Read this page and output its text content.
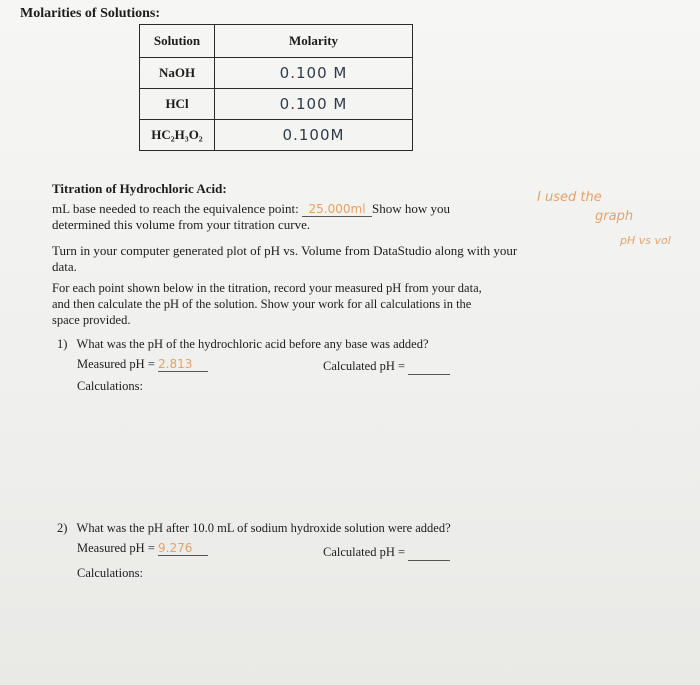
Molarities of Solutions:
Solution	Molarity
NaOH	0.100 M
HCl	0.100 M
HC₂H₃O₂	0.100M
Titration of Hydrochloric Acid:
mL base needed to reach the equivalence point: 25.000ml Show how you
determined this volume from your titration curve.
I used the
graph
pH vs vol
Turn in your computer generated plot of pH vs. Volume from DataStudio along with your
data.
For each point shown below in the titration, record your measured pH from your data,
and then calculate the pH of the solution. Show your work for all calculations in the
space provided.
1) What was the pH of the hydrochloric acid before any base was added?
Measured pH = 2.813	Calculated pH =
Calculations:
2) What was the pH after 10.0 mL of sodium hydroxide solution were added?
Measured pH = 9.276	Calculated pH =
Calculations:
